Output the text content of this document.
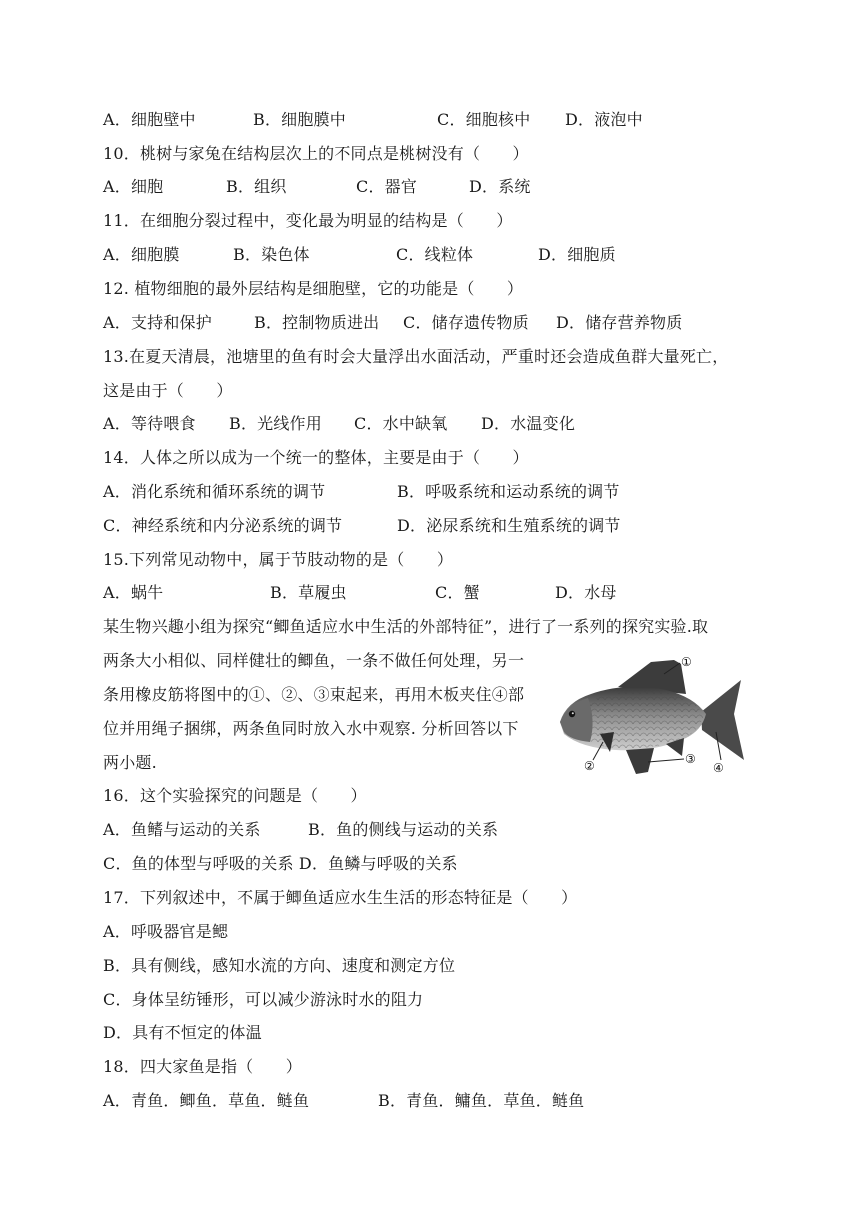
A．细胞壁中	B．细胞膜中	C．细胞核中 D．液泡中
10．桃树与家兔在结构层次上的不同点是桃树没有（　　）
A．细胞	B．组织	C．器官	D．系统
11．在细胞分裂过程中，变化最为明显的结构是（　　）
A．细胞膜	B．染色体	C．线粒体	D．细胞质
12. 植物细胞的最外层结构是细胞壁，它的功能是（　　）
A．支持和保护	B．控制物质进出 C．储存遗传物质 D．储存营养物质
13.在夏天清晨，池塘里的鱼有时会大量浮出水面活动，严重时还会造成鱼群大量死亡，
这是由于（　　）
A．等待喂食 B．光线作用 C．水中缺氧 D．水温变化
14．人体之所以成为一个统一的整体，主要是由于（　　）
A．消化系统和循环系统的调节	B．呼吸系统和运动系统的调节
C．神经系统和内分泌系统的调节	D．泌尿系统和生殖系统的调节
15.下列常见动物中，属于节肢动物的是（　　）
A．蜗牛	B．草履虫	C．蟹	D．水母
某生物兴趣小组为探究“鲫鱼适应水中生活的外部特征”，进行了一系列的探究实验.取
两条大小相似、同样健壮的鲫鱼，一条不做任何处理，另一
条用橡皮筋将图中的①、②、③束起来，再用木板夹住④部
位并用绳子捆绑，两条鱼同时放入水中观察. 分析回答以下
两小题.
16．这个实验探究的问题是（　　）
A．鱼鳍与运动的关系	B．鱼的侧线与运动的关系
C．鱼的体型与呼吸的关系 D．鱼鳞与呼吸的关系
17．下列叙述中，不属于鲫鱼适应水生生活的形态特征是（　　）
A．呼吸器官是鳃
B．具有侧线，感知水流的方向、速度和测定方位
C．身体呈纺锤形，可以减少游泳时水的阻力
D．具有不恒定的体温
18．四大家鱼是指（　　）
A．青鱼．鲫鱼．草鱼．鲢鱼	B．青鱼．鳙鱼．草鱼．鲢鱼
①
②	③
④
